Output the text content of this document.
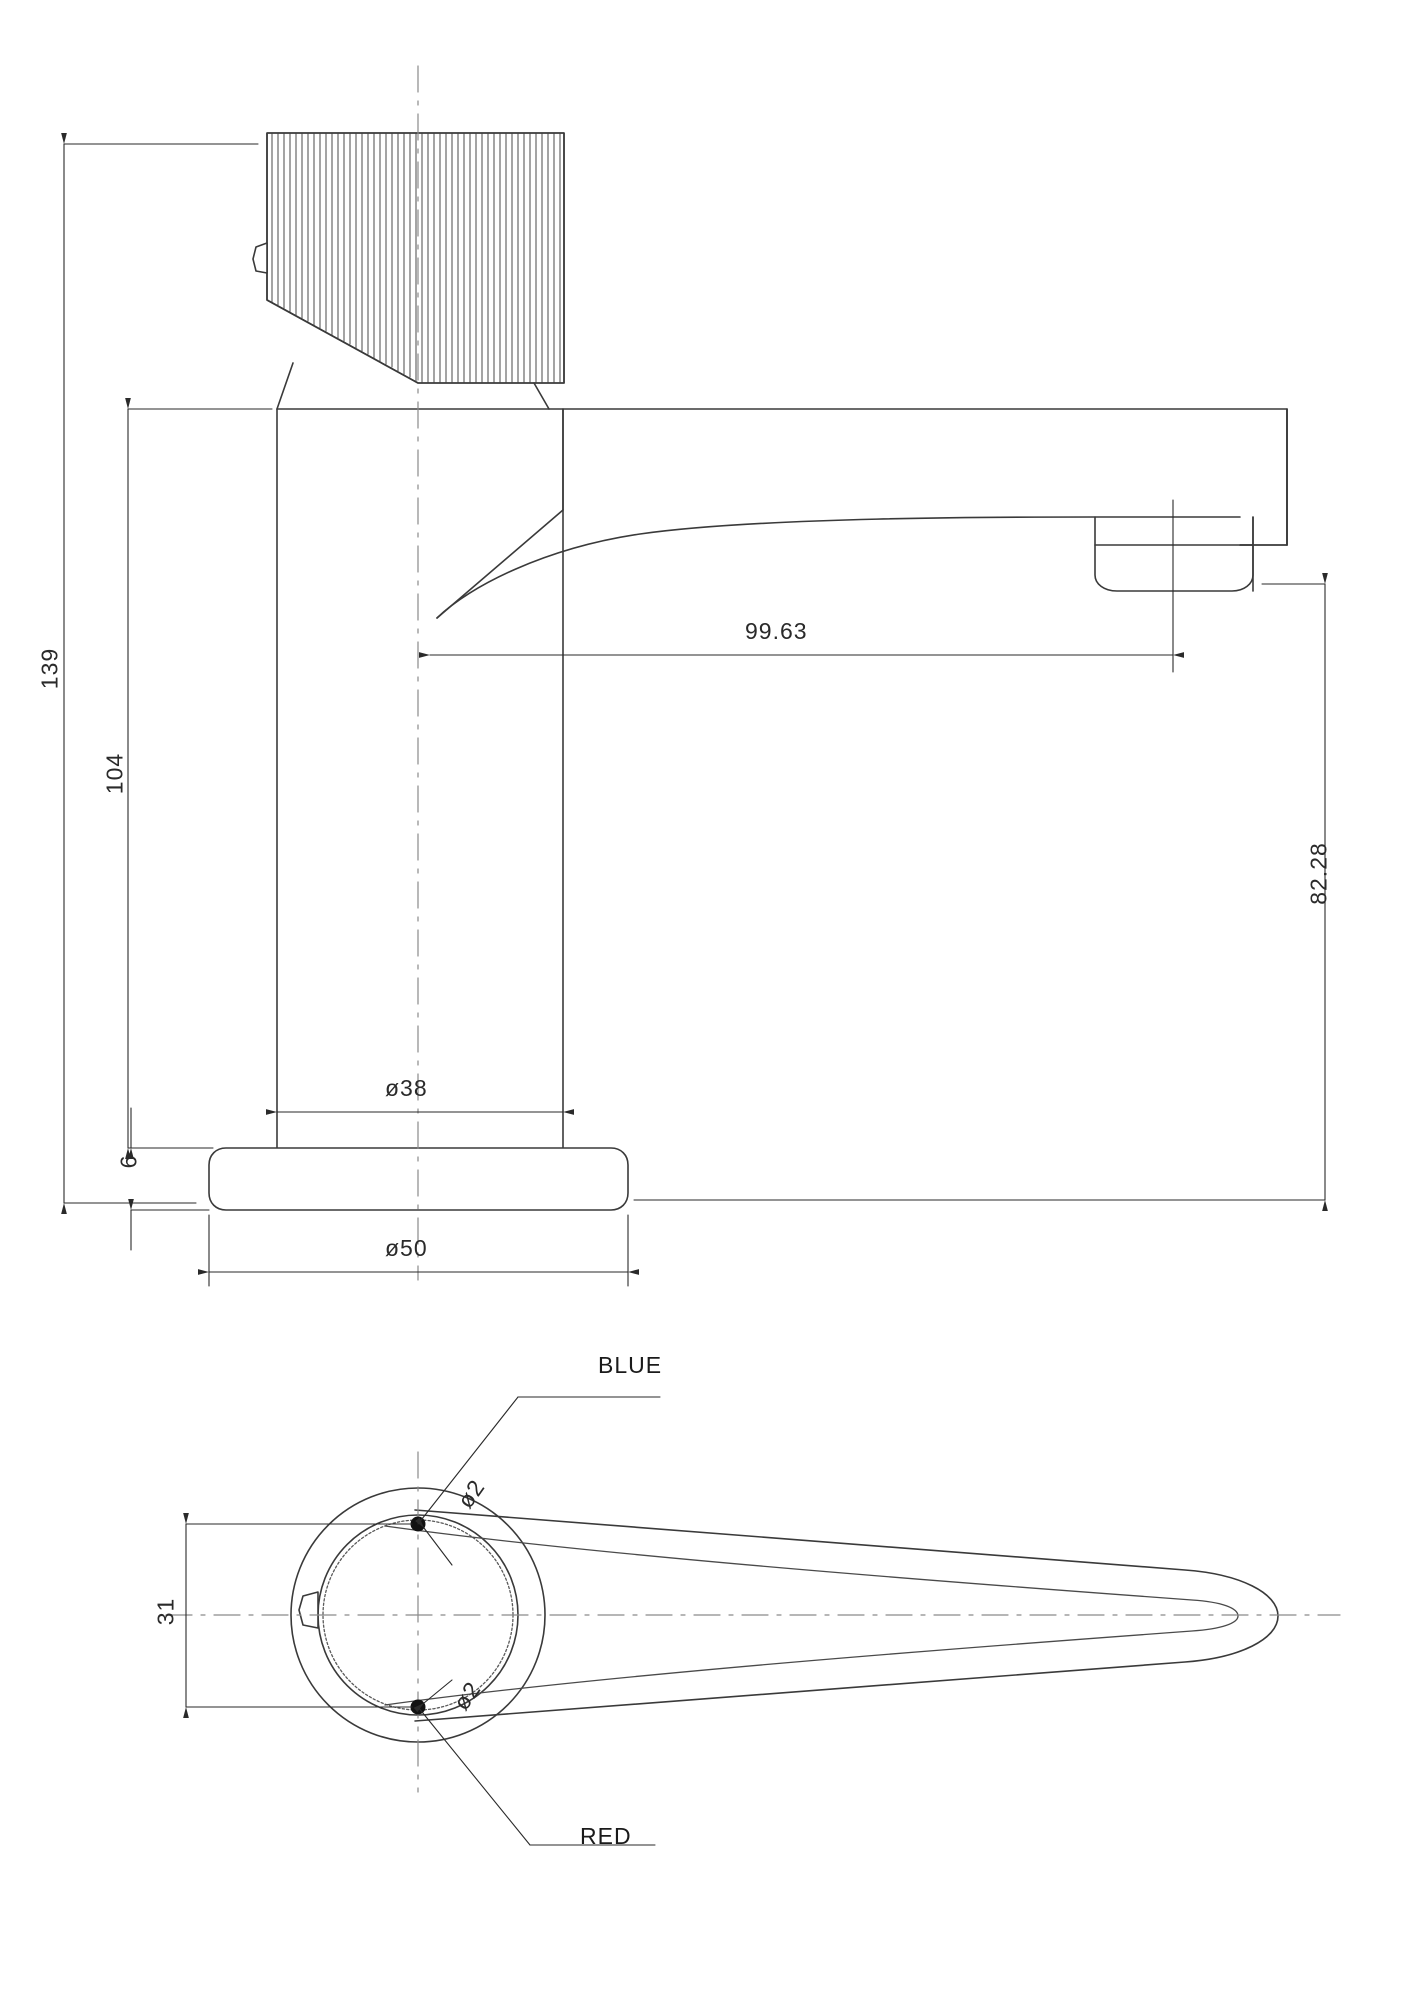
139
104
6
99.63
82.28
ø38
ø50
31
ø2
ø2
BLUE
RED
